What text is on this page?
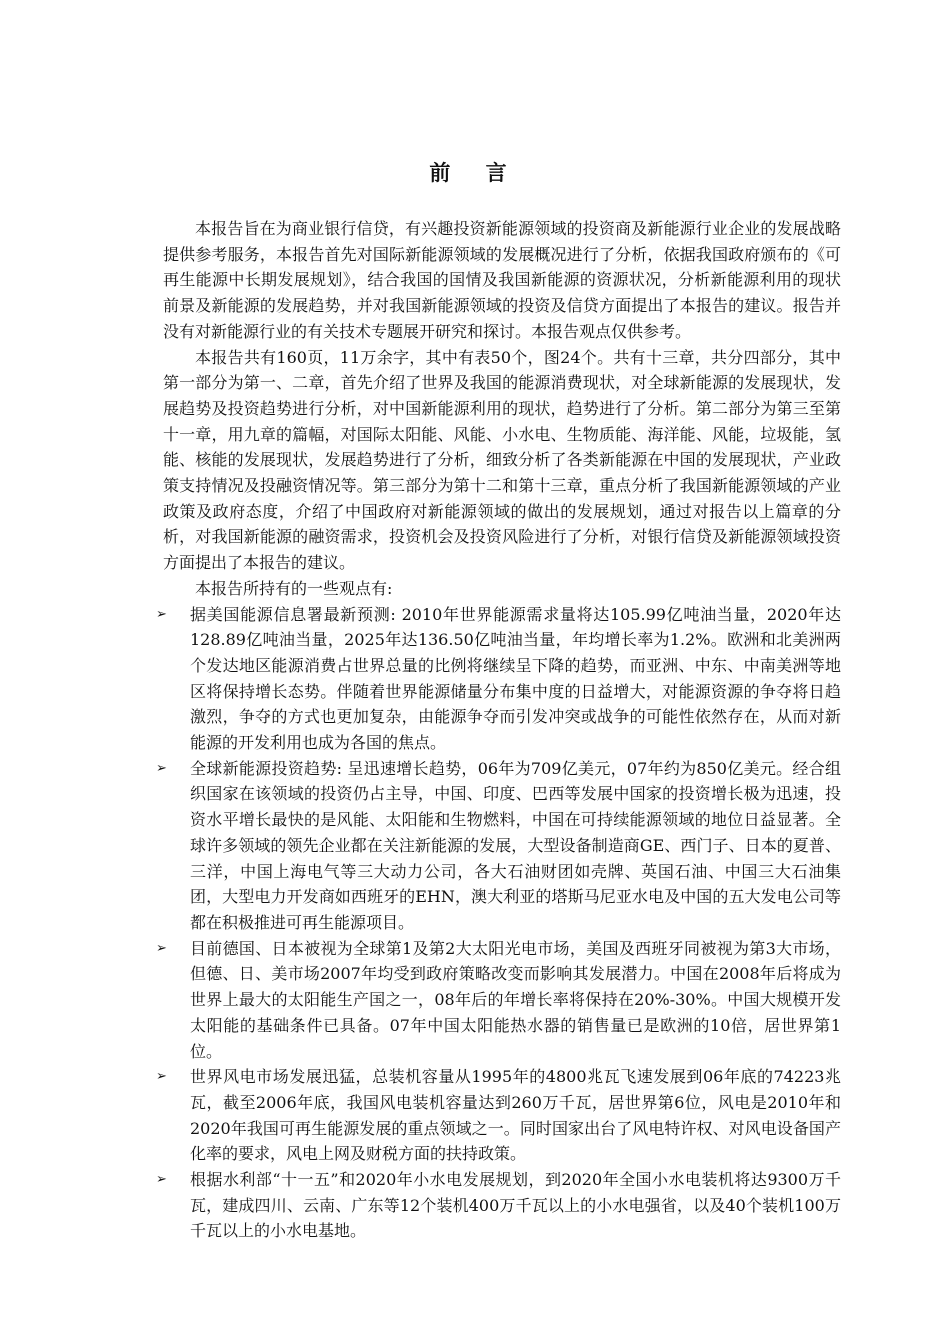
前 言

本报告旨在为商业银行信贷，有兴趣投资新能源领域的投资商及新能源行业企业的发展战略提供参考服务，本报告首先对国际新能源领域的发展概况进行了分析，依据我国政府颁布的《可再生能源中长期发展规划》，结合我国的国情及我国新能源的资源状况，分析新能源利用的现状前景及新能源的发展趋势，并对我国新能源领域的投资及信贷方面提出了本报告的建议。报告并没有对新能源行业的有关技术专题展开研究和探讨。本报告观点仅供参考。

本报告共有160页，11万余字，其中有表50个，图24个。共有十三章，共分四部分，其中第一部分为第一、二章，首先介绍了世界及我国的能源消费现状，对全球新能源的发展现状，发展趋势及投资趋势进行分析，对中国新能源利用的现状，趋势进行了分析。第二部分为第三至第十一章，用九章的篇幅，对国际太阳能、风能、小水电、生物质能、海洋能、风能，垃圾能，氢能、核能的发展现状，发展趋势进行了分析，细致分析了各类新能源在中国的发展现状，产业政策支持情况及投融资情况等。第三部分为第十二和第十三章，重点分析了我国新能源领域的产业政策及政府态度，介绍了中国政府对新能源领域的做出的发展规划，通过对报告以上篇章的分析，对我国新能源的融资需求，投资机会及投资风险进行了分析，对银行信贷及新能源领域投资方面提出了本报告的建议。

本报告所持有的一些观点有:

➢ 据美国能源信息署最新预测: 2010年世界能源需求量将达105.99亿吨油当量，2020年达128.89亿吨油当量，2025年达136.50亿吨油当量，年均增长率为1.2%。欧洲和北美洲两个发达地区能源消费占世界总量的比例将继续呈下降的趋势，而亚洲、中东、中南美洲等地区将保持增长态势。伴随着世界能源储量分布集中度的日益增大，对能源资源的争夺将日趋激烈，争夺的方式也更加复杂，由能源争夺而引发冲突或战争的可能性依然存在，从而对新能源的开发利用也成为各国的焦点。
➢ 全球新能源投资趋势: 呈迅速增长趋势，06年为709亿美元，07年约为850亿美元。经合组织国家在该领域的投资仍占主导，中国、印度、巴西等发展中国家的投资增长极为迅速，投资水平增长最快的是风能、太阳能和生物燃料，中国在可持续能源领域的地位日益显著。全球许多领域的领先企业都在关注新能源的发展，大型设备制造商GE、西门子、日本的夏普、三洋，中国上海电气等三大动力公司，各大石油财团如壳牌、英国石油、中国三大石油集团，大型电力开发商如西班牙的EHN，澳大利亚的塔斯马尼亚水电及中国的五大发电公司等都在积极推进可再生能源项目。
➢ 目前德国、日本被视为全球第1及第2大太阳光电市场，美国及西班牙同被视为第3大市场，但德、日、美市场2007年均受到政府策略改变而影响其发展潜力。中国在2008年后将成为世界上最大的太阳能生产国之一，08年后的年增长率将保持在20%-30%。中国大规模开发太阳能的基础条件已具备。07年中国太阳能热水器的销售量已是欧洲的10倍，居世界第1位。
➢ 世界风电市场发展迅猛，总装机容量从1995年的4800兆瓦飞速发展到06年底的74223兆瓦，截至2006年底，我国风电装机容量达到260万千瓦，居世界第6位，风电是2010年和2020年我国可再生能源发展的重点领域之一。同时国家出台了风电特许权、对风电设备国产化率的要求，风电上网及财税方面的扶持政策。
➢ 根据水利部“十一五”和2020年小水电发展规划，到2020年全国小水电装机将达9300万千瓦，建成四川、云南、广东等12个装机400万千瓦以上的小水电强省，以及40个装机100万千瓦以上的小水电基地。
